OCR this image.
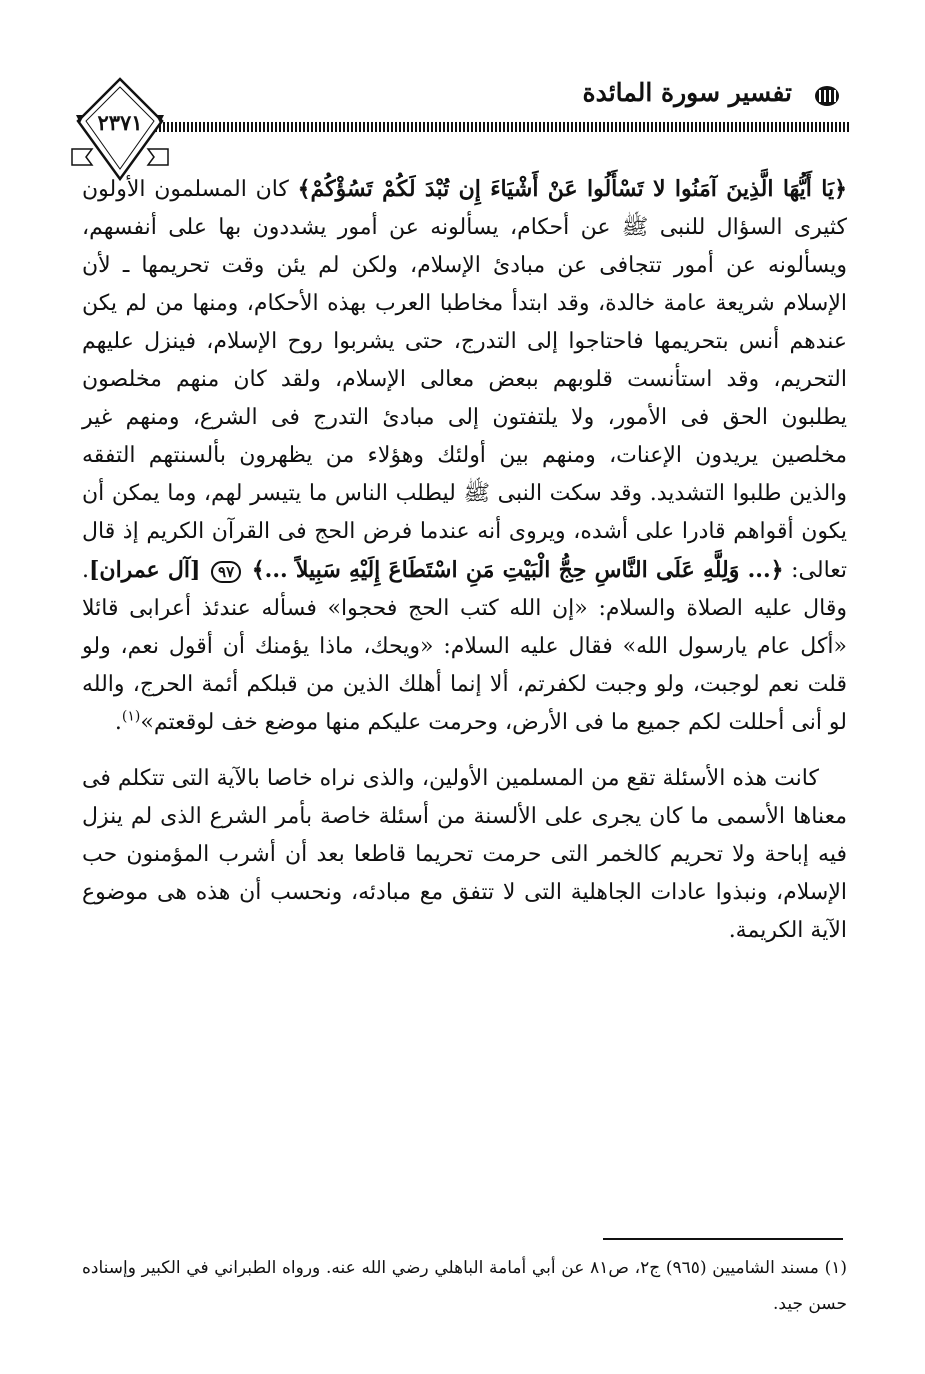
تفسير سورة المائدة
٢٣٧١

﴿يَا أَيُّهَا الَّذِينَ آمَنُوا لا تَسْأَلُوا عَنْ أَشْيَاءَ إِن تُبْدَ لَكُمْ تَسُؤْكُمْ﴾ كان المسلمون الأولون كثيرى السؤال للنبى ﷺ عن أحكام، يسألونه عن أمور يشددون بها على أنفسهم، ويسألونه عن أمور تتجافى عن مبادئ الإسلام، ولكن لم يئن وقت تحريمها ـ لأن الإسلام شريعة عامة خالدة، وقد ابتدأ مخاطبا العرب بهذه الأحكام، ومنها من لم يكن عندهم أنس بتحريمها فاحتاجوا إلى التدرج، حتى يشربوا روح الإسلام، فينزل عليهم التحريم، وقد استأنست قلوبهم ببعض معالى الإسلام، ولقد كان منهم مخلصون يطلبون الحق فى الأمور، ولا يلتفتون إلى مبادئ التدرج فى الشرع، ومنهم غير مخلصين يريدون الإعنات، ومنهم بين أولئك وهؤلاء من يظهرون بألسنتهم التفقه والذين طلبوا التشديد. وقد سكت النبى ﷺ ليطلب الناس ما يتيسر لهم، وما يمكن أن يكون أقواهم قادرا على أشده، ويروى أنه عندما فرض الحج فى القرآن الكريم إذ قال تعالى: ﴿... وَلِلَّهِ عَلَى النَّاسِ حِجُّ الْبَيْتِ مَنِ اسْتَطَاعَ إِلَيْهِ سَبِيلاً ...﴾ ٩٧ [آل عمران]. وقال عليه الصلاة والسلام: «إن الله كتب الحج فحجوا» فسأله عندئذ أعرابى قائلا «أكل عام يارسول الله» فقال عليه السلام: «ويحك، ماذا يؤمنك أن أقول نعم، ولو قلت نعم لوجبت، ولو وجبت لكفرتم، ألا إنما أهلك الذين من قبلكم أئمة الحرج، والله لو أنى أحللت لكم جميع ما فى الأرض، وحرمت عليكم منها موضع خف لوقعتم»$^{(١)}$.

كانت هذه الأسئلة تقع من المسلمين الأولين، والذى نراه خاصا بالآية التى تتكلم فى معناها الأسمى ما كان يجرى على الألسنة من أسئلة خاصة بأمر الشرع الذى لم ينزل فيه إباحة ولا تحريم كالخمر التى حرمت تحريما قاطعا بعد أن أشرب المؤمنون حب الإسلام، ونبذوا عادات الجاهلية التى لا تتفق مع مبادئه، ونحسب أن هذه هى موضوع الآية الكريمة.

(١) مسند الشاميين (٩٦٥) ج٢، ص٨١ عن أبي أمامة الباهلي رضي الله عنه. ورواه الطبراني في الكبير وإسناده حسن جيد.
